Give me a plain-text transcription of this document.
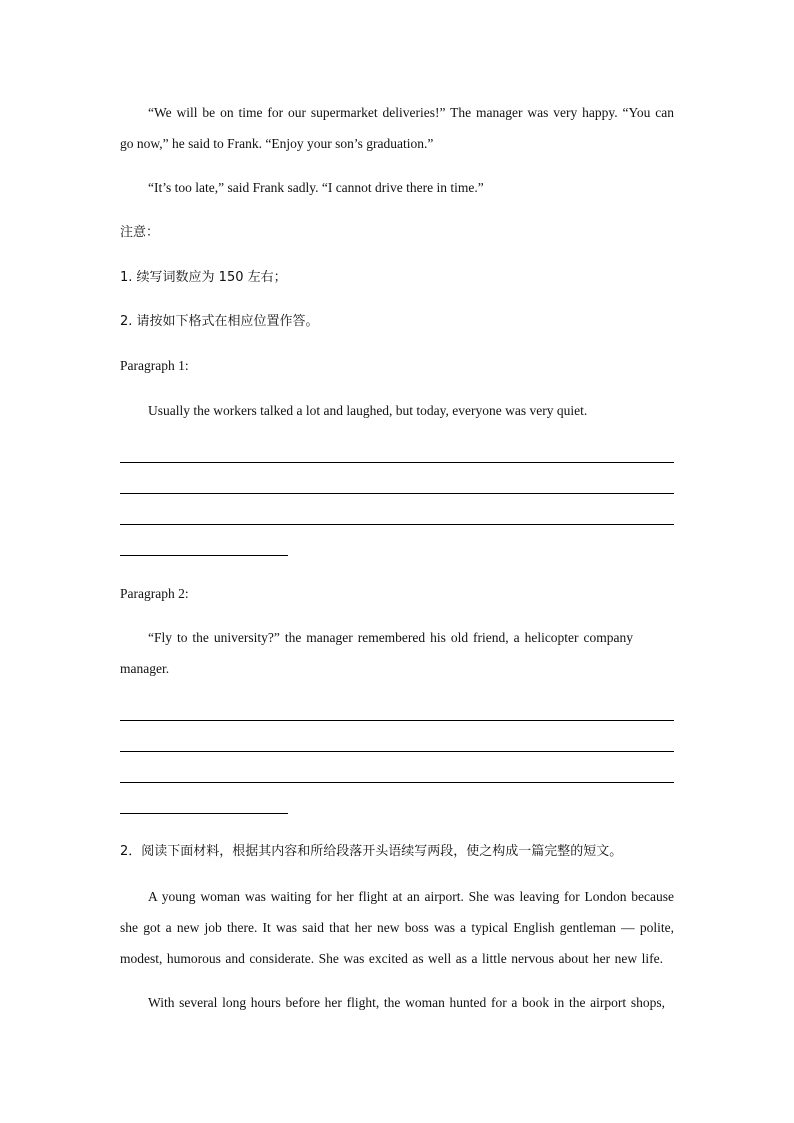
“We will be on time for our supermarket deliveries!” The manager was very happy. “You can
go now,” he said to Frank. “Enjoy your son’s graduation.”
“It’s too late,” said Frank sadly. “I cannot drive there in time.”
注意：
1. 续写词数应为 150 左右；
2. 请按如下格式在相应位置作答。
Paragraph 1:
Usually the workers talked a lot and laughed, but today, everyone was very quiet.
Paragraph 2:
“Fly to the university?” the manager remembered his old friend, a helicopter company
manager.
2．阅读下面材料，根据其内容和所给段落开头语续写两段，使之构成一篇完整的短文。
A young woman was waiting for her flight at an airport. She was leaving for London because
she got a new job there. It was said that her new boss was a typical English gentleman — polite,
modest, humorous and considerate. She was excited as well as a little nervous about her new life.
With several long hours before her flight, the woman hunted for a book in the airport shops,
